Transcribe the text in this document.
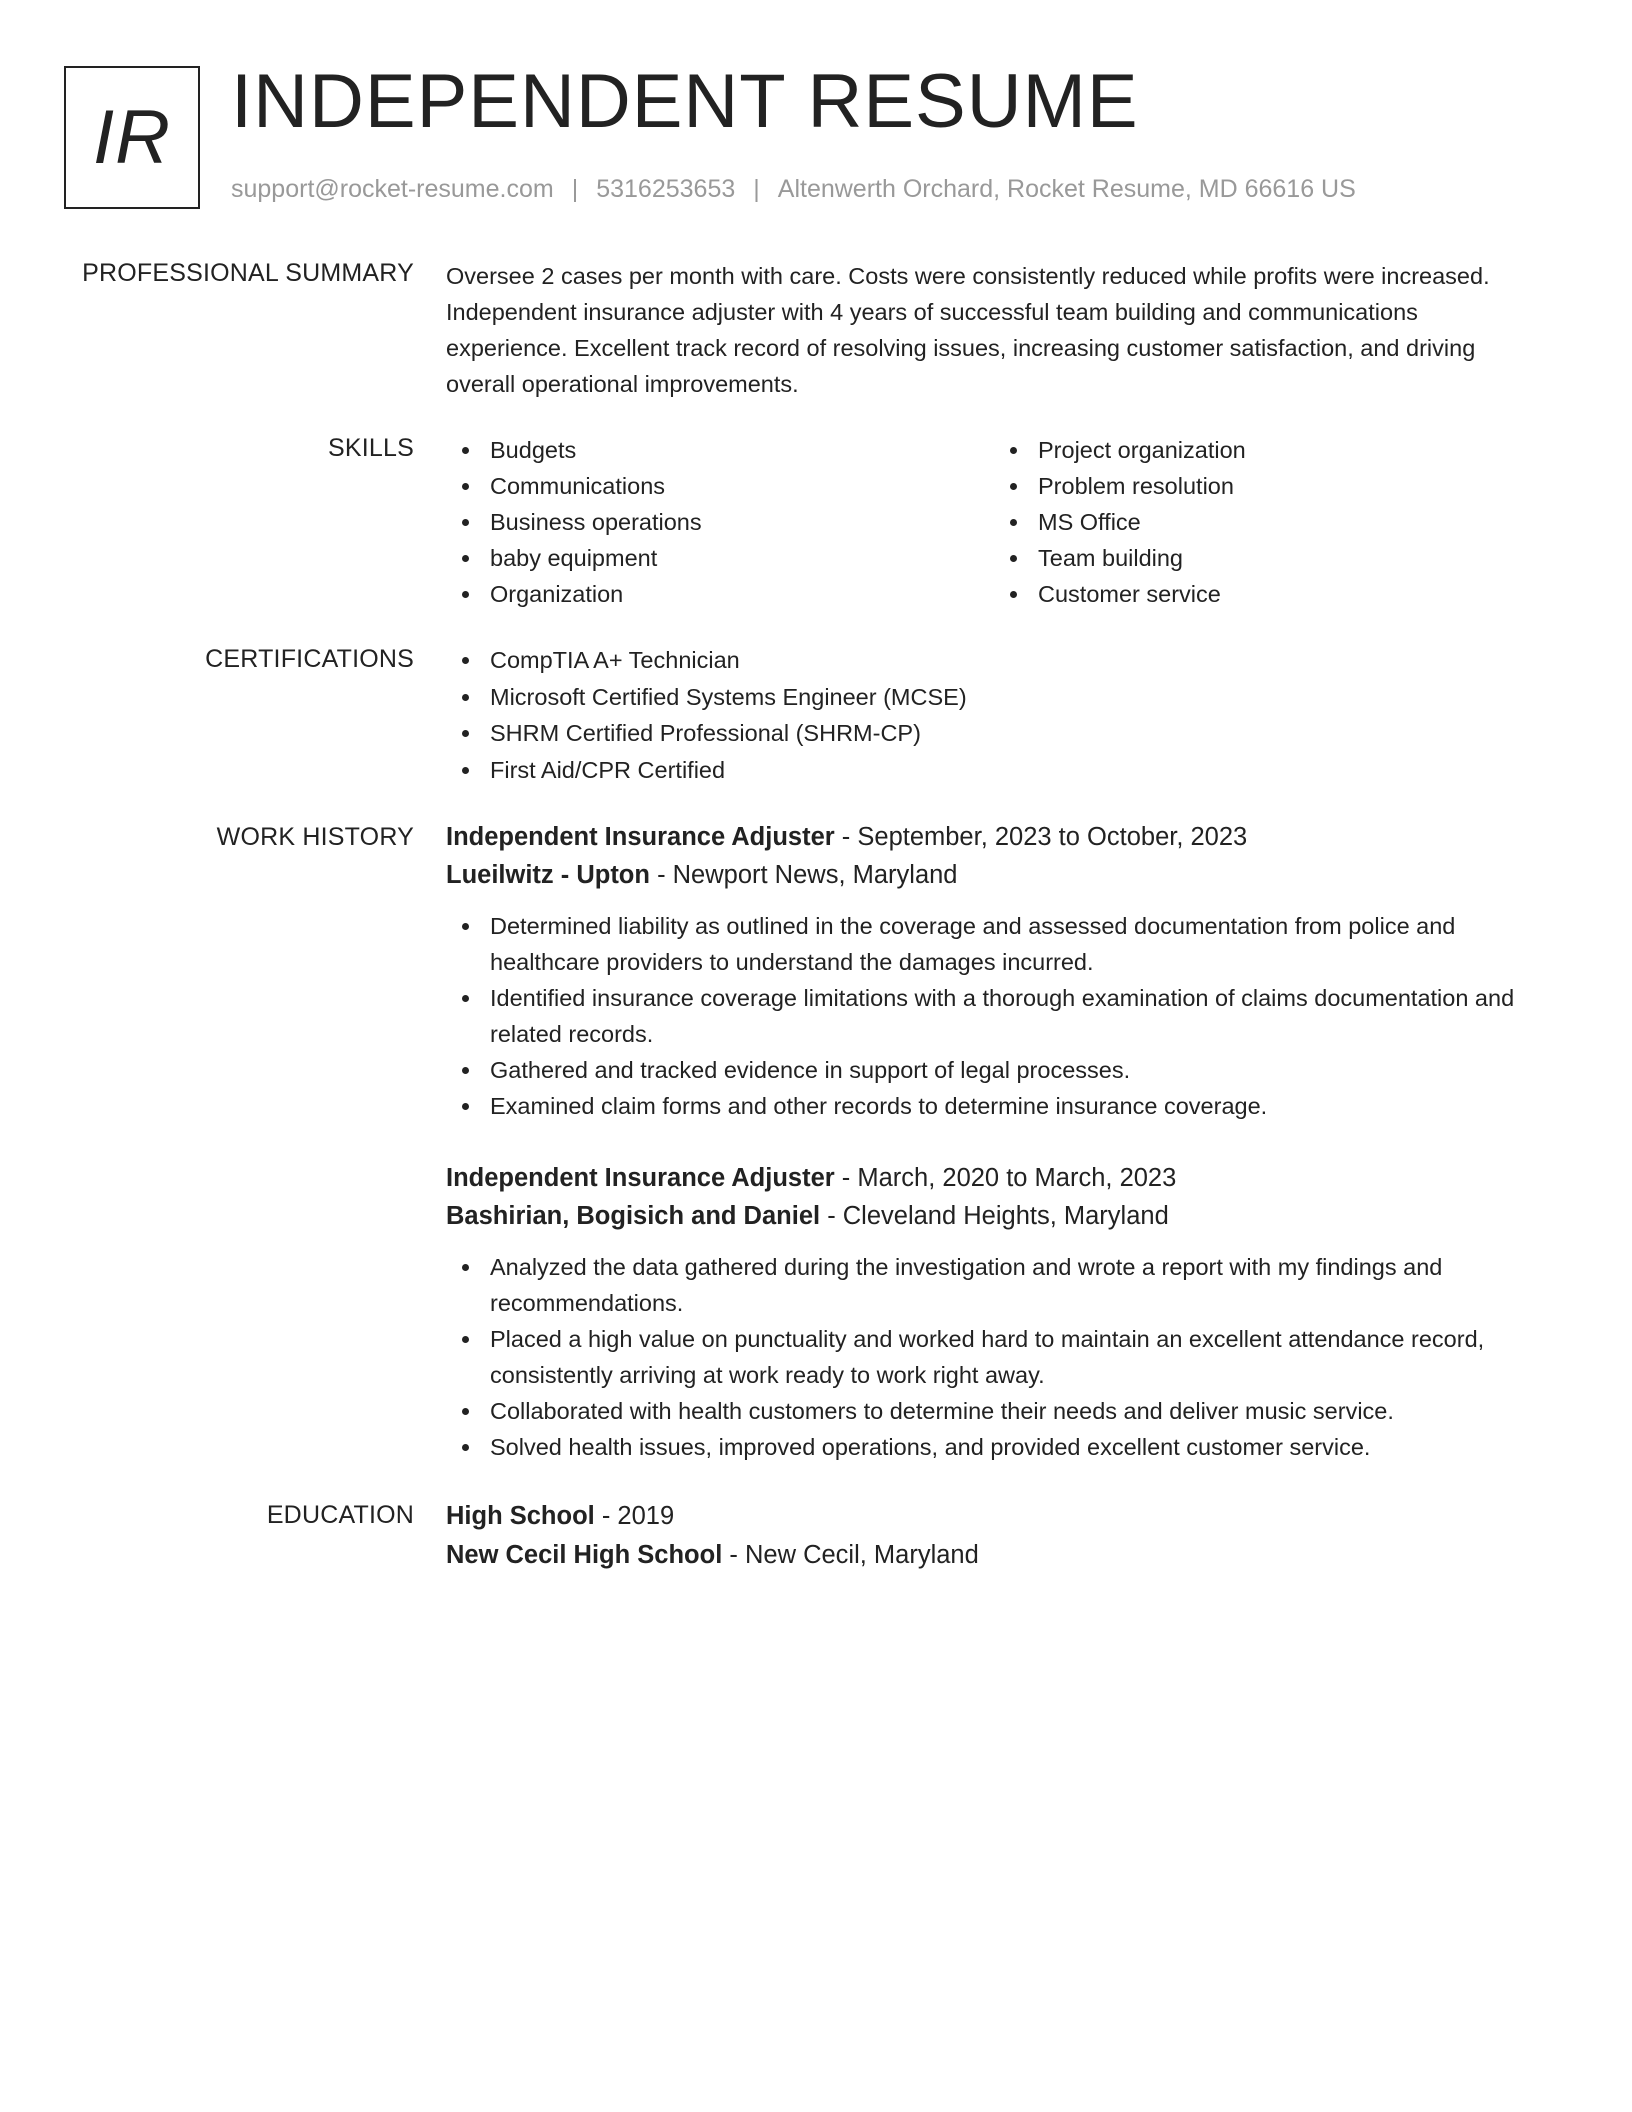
IR INDEPENDENT RESUME
support@rocket-resume.com | 5316253653 | Altenwerth Orchard, Rocket Resume, MD 66616 US
PROFESSIONAL SUMMARY Oversee 2 cases per month with care. Costs were consistently reduced while profits were increased.
Independent insurance adjuster with 4 years of successful team building and communications
experience. Excellent track record of resolving issues, increasing customer satisfaction, and driving
overall operational improvements.
SKILLS	Budgets
Communications
Business operations
baby equipment
Organization
Project organization
Problem resolution
MS Office
Team building
Customer service
CERTIFICATIONS	CompTIA A+ Technician
Microsoft Certified Systems Engineer (MCSE)
SHRM Certified Professional (SHRM-CP)
First Aid/CPR Certified
WORK HISTORY Independent Insurance Adjuster - September, 2023 to October, 2023
Lueilwitz - Upton - Newport News, Maryland
Determined liability as outlined in the coverage and assessed documentation from police and healthcare providers to understand the damages incurred.
Identified insurance coverage limitations with a thorough examination of claims documentation and related records.
Gathered and tracked evidence in support of legal processes.
Examined claim forms and other records to determine insurance coverage.
Independent Insurance Adjuster - March, 2020 to March, 2023
Bashirian, Bogisich and Daniel - Cleveland Heights, Maryland
Analyzed the data gathered during the investigation and wrote a report with my findings and recommendations.
Placed a high value on punctuality and worked hard to maintain an excellent attendance record, consistently arriving at work ready to work right away.
Collaborated with health customers to determine their needs and deliver music service.
Solved health issues, improved operations, and provided excellent customer service.
EDUCATION High School - 2019
New Cecil High School - New Cecil, Maryland
